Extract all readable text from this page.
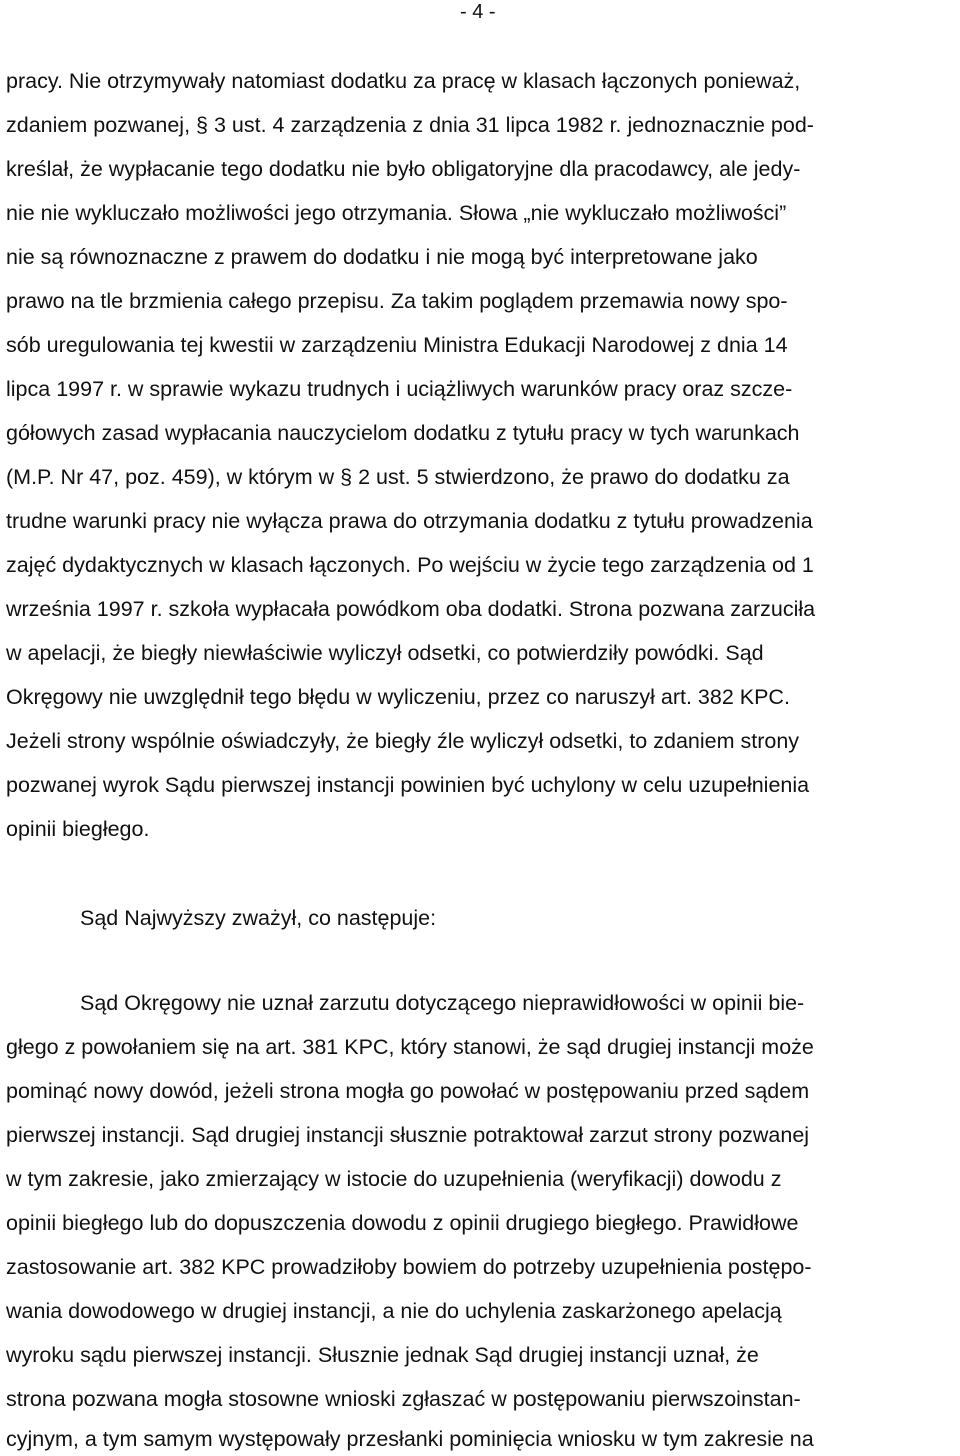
- 4 -
pracy. Nie otrzymywały natomiast dodatku za pracę w klasach łączonych ponieważ,
zdaniem pozwanej, § 3 ust. 4 zarządzenia z dnia 31 lipca 1982 r. jednoznacznie pod-
kreślał, że wypłacanie tego dodatku nie było obligatoryjne dla pracodawcy, ale jedy-
nie nie wykluczało możliwości jego otrzymania. Słowa „nie wykluczało możliwości”
nie są równoznaczne z prawem do dodatku i nie mogą być interpretowane jako
prawo na tle brzmienia całego przepisu. Za takim poglądem przemawia nowy spo-
sób uregulowania tej kwestii w zarządzeniu Ministra Edukacji Narodowej z dnia 14
lipca 1997 r. w sprawie wykazu trudnych i uciążliwych warunków pracy oraz szcze-
gółowych zasad wypłacania nauczycielom dodatku z tytułu pracy w tych warunkach
(M.P. Nr 47, poz. 459), w którym w § 2 ust. 5 stwierdzono, że prawo do dodatku za
trudne warunki pracy nie wyłącza prawa do otrzymania dodatku z tytułu prowadzenia
zajęć dydaktycznych w klasach łączonych. Po wejściu w życie tego zarządzenia od 1
września 1997 r. szkoła wypłacała powódkom oba dodatki. Strona pozwana zarzuciła
w apelacji, że biegły niewłaściwie wyliczył odsetki, co potwierdziły powódki. Sąd
Okręgowy nie uwzględnił tego błędu w wyliczeniu, przez co naruszył art. 382 KPC.
Jeżeli strony wspólnie oświadczyły, że biegły źle wyliczył odsetki, to zdaniem strony
pozwanej wyrok Sądu pierwszej instancji powinien być uchylony w celu uzupełnienia
opinii biegłego.
Sąd Najwyższy zważył, co następuje:
Sąd Okręgowy nie uznał zarzutu dotyczącego nieprawidłowości w opinii bie-
głego z powołaniem się na art. 381 KPC, który stanowi, że sąd drugiej instancji może
pominąć nowy dowód, jeżeli strona mogła go powołać w postępowaniu przed sądem
pierwszej instancji. Sąd drugiej instancji słusznie potraktował zarzut strony pozwanej
w tym zakresie, jako zmierzający w istocie do uzupełnienia (weryfikacji) dowodu z
opinii biegłego lub do dopuszczenia dowodu z opinii drugiego biegłego. Prawidłowe
zastosowanie art. 382 KPC prowadziłoby bowiem do potrzeby uzupełnienia postępo-
wania dowodowego w drugiej instancji, a nie do uchylenia zaskarżonego apelacją
wyroku sądu pierwszej instancji. Słusznie jednak Sąd drugiej instancji uznał, że
strona pozwana mogła stosowne wnioski zgłaszać w postępowaniu pierwszoinstan-
cyjnym, a tym samym występowały przesłanki pominięcia wniosku w tym zakresie na
